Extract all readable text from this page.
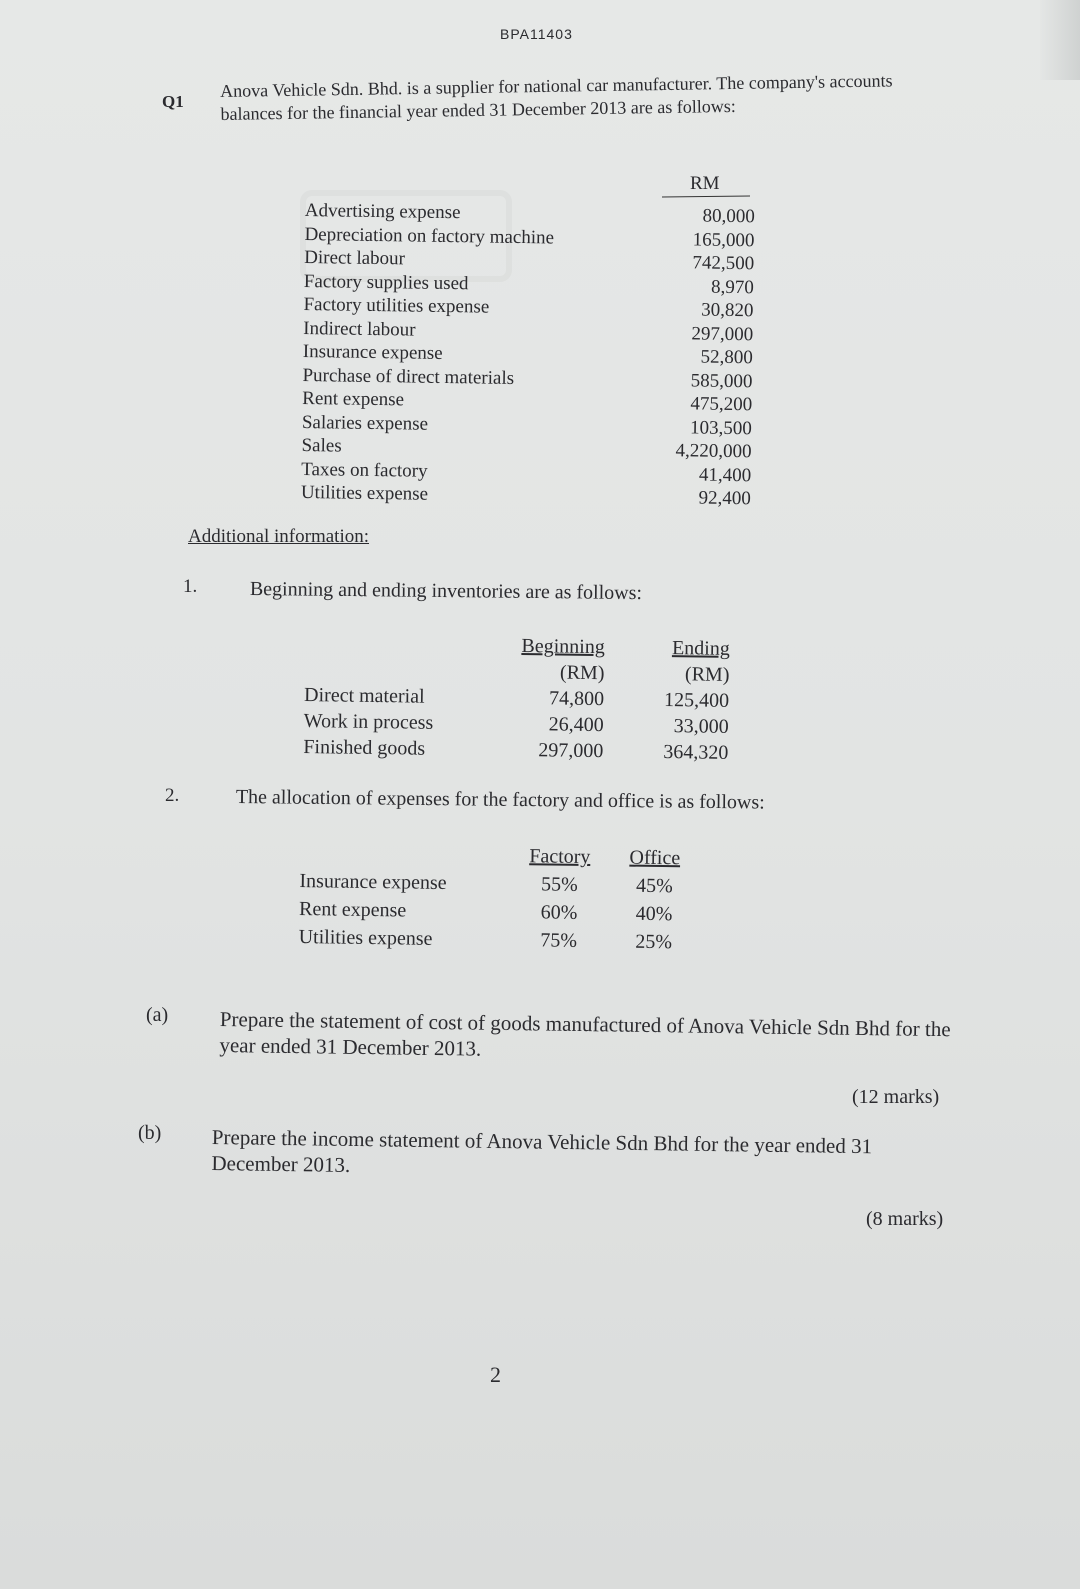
BPA11403
Q1
Anova Vehicle Sdn. Bhd. is a supplier for national car manufacturer. The company's accounts balances for the financial year ended 31 December 2013 are as follows:
RM
Advertising expense	80,000
Depreciation on factory machine	165,000
Direct labour	742,500
Factory supplies used	8,970
Factory utilities expense	30,820
Indirect labour	297,000
Insurance expense	52,800
Purchase of direct materials	585,000
Rent expense	475,200
Salaries expense	103,500
Sales	4,220,000
Taxes on factory	41,400
Utilities expense	92,400
Additional information:
1.	Beginning and ending inventories are as follows:
Beginning	Ending
(RM)	(RM)
Direct material	74,800	125,400
Work in process	26,400	33,000
Finished goods	297,000	364,320
2.	The allocation of expenses for the factory and office is as follows:
Factory	Office
Insurance expense	55%	45%
Rent expense	60%	40%
Utilities expense	75%	25%
(a) Prepare the statement of cost of goods manufactured of Anova Vehicle Sdn Bhd for the year ended 31 December 2013.
(12 marks)
(b) Prepare the income statement of Anova Vehicle Sdn Bhd for the year ended 31 December 2013.
(8 marks)
2
